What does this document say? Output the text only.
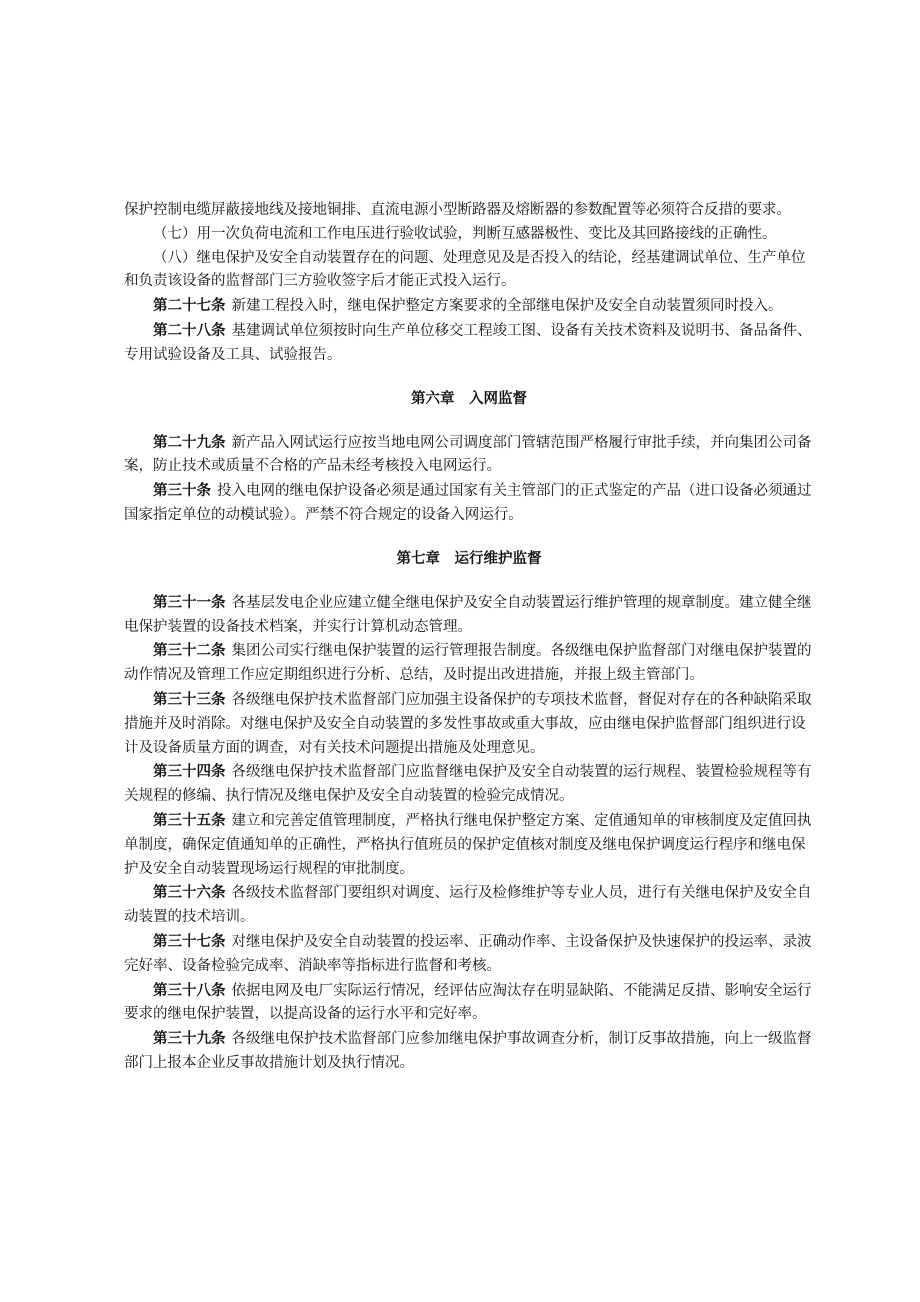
保护控制电缆屏蔽接地线及接地铜排、直流电源小型断路器及熔断器的参数配置等必须符合反措的要求。

（七）用一次负荷电流和工作电压进行验收试验，判断互感器极性、变比及其回路接线的正确性。

（八）继电保护及安全自动装置存在的问题、处理意见及是否投入的结论，经基建调试单位、生产单位和负责该设备的监督部门三方验收签字后才能正式投入运行。

第二十七条 新建工程投入时，继电保护整定方案要求的全部继电保护及安全自动装置须同时投入。

第二十八条 基建调试单位须按时向生产单位移交工程竣工图、设备有关技术资料及说明书、备品备件、专用试验设备及工具、试验报告。

第六章　入网监督

第二十九条 新产品入网试运行应按当地电网公司调度部门管辖范围严格履行审批手续，并向集团公司备案，防止技术或质量不合格的产品未经考核投入电网运行。

第三十条 投入电网的继电保护设备必须是通过国家有关主管部门的正式鉴定的产品（进口设备必须通过国家指定单位的动模试验）。严禁不符合规定的设备入网运行。

第七章　运行维护监督

第三十一条 各基层发电企业应建立健全继电保护及安全自动装置运行维护管理的规章制度。建立健全继电保护装置的设备技术档案，并实行计算机动态管理。

第三十二条 集团公司实行继电保护装置的运行管理报告制度。各级继电保护监督部门对继电保护装置的动作情况及管理工作应定期组织进行分析、总结，及时提出改进措施，并报上级主管部门。

第三十三条 各级继电保护技术监督部门应加强主设备保护的专项技术监督，督促对存在的各种缺陷采取措施并及时消除。对继电保护及安全自动装置的多发性事故或重大事故，应由继电保护监督部门组织进行设计及设备质量方面的调查，对有关技术问题提出措施及处理意见。

第三十四条 各级继电保护技术监督部门应监督继电保护及安全自动装置的运行规程、装置检验规程等有关规程的修编、执行情况及继电保护及安全自动装置的检验完成情况。

第三十五条 建立和完善定值管理制度，严格执行继电保护整定方案、定值通知单的审核制度及定值回执单制度，确保定值通知单的正确性，严格执行值班员的保护定值核对制度及继电保护调度运行程序和继电保护及安全自动装置现场运行规程的审批制度。

第三十六条 各级技术监督部门要组织对调度、运行及检修维护等专业人员，进行有关继电保护及安全自动装置的技术培训。

第三十七条 对继电保护及安全自动装置的投运率、正确动作率、主设备保护及快速保护的投运率、录波完好率、设备检验完成率、消缺率等指标进行监督和考核。

第三十八条 依据电网及电厂实际运行情况，经评估应淘汰存在明显缺陷、不能满足反措、影响安全运行要求的继电保护装置，以提高设备的运行水平和完好率。

第三十九条 各级继电保护技术监督部门应参加继电保护事故调查分析，制订反事故措施，向上一级监督部门上报本企业反事故措施计划及执行情况。
